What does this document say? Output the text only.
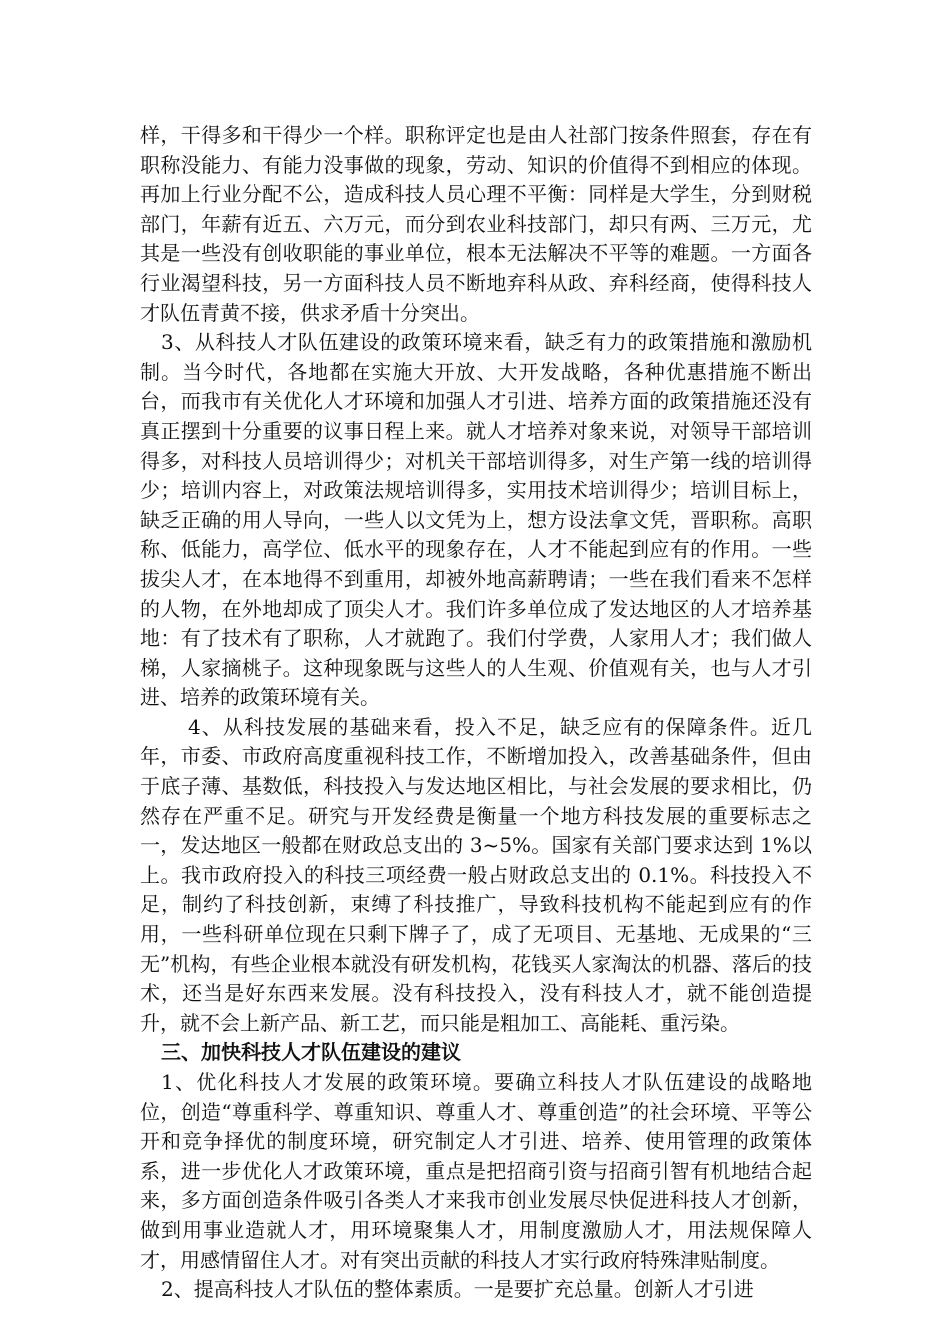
样，干得多和干得少一个样。职称评定也是由人社部门按条件照套，存在有职称没能力、有能力没事做的现象，劳动、知识的价值得不到相应的体现。再加上行业分配不公，造成科技人员心理不平衡：同样是大学生，分到财税部门，年薪有近五、六万元，而分到农业科技部门，却只有两、三万元，尤其是一些没有创收职能的事业单位，根本无法解决不平等的难题。一方面各行业渴望科技，另一方面科技人员不断地弃科从政、弃科经商，使得科技人才队伍青黄不接，供求矛盾十分突出。

3、从科技人才队伍建设的政策环境来看，缺乏有力的政策措施和激励机制。当今时代，各地都在实施大开放、大开发战略，各种优惠措施不断出台，而我市有关优化人才环境和加强人才引进、培养方面的政策措施还没有真正摆到十分重要的议事日程上来。就人才培养对象来说，对领导干部培训得多，对科技人员培训得少；对机关干部培训得多，对生产第一线的培训得少；培训内容上，对政策法规培训得多，实用技术培训得少；培训目标上，缺乏正确的用人导向，一些人以文凭为上，想方设法拿文凭，晋职称。高职称、低能力，高学位、低水平的现象存在，人才不能起到应有的作用。一些拔尖人才，在本地得不到重用，却被外地高薪聘请；一些在我们看来不怎样的人物，在外地却成了顶尖人才。我们许多单位成了发达地区的人才培养基地：有了技术有了职称，人才就跑了。我们付学费，人家用人才；我们做人梯，人家摘桃子。这种现象既与这些人的人生观、价值观有关，也与人才引进、培养的政策环境有关。

4、从科技发展的基础来看，投入不足，缺乏应有的保障条件。近几年，市委、市政府高度重视科技工作，不断增加投入，改善基础条件，但由于底子薄、基数低，科技投入与发达地区相比，与社会发展的要求相比，仍然存在严重不足。研究与开发经费是衡量一个地方科技发展的重要标志之一，发达地区一般都在财政总支出的 3~5%。国家有关部门要求达到 1%以上。我市政府投入的科技三项经费一般占财政总支出的 0.1%。科技投入不足，制约了科技创新，束缚了科技推广，导致科技机构不能起到应有的作用，一些科研单位现在只剩下牌子了，成了无项目、无基地、无成果的“三无”机构，有些企业根本就没有研发机构，花钱买人家淘汰的机器、落后的技术，还当是好东西来发展。没有科技投入，没有科技人才，就不能创造提升，就不会上新产品、新工艺，而只能是粗加工、高能耗、重污染。

三、加快科技人才队伍建设的建议

1、优化科技人才发展的政策环境。要确立科技人才队伍建设的战略地位，创造“尊重科学、尊重知识、尊重人才、尊重创造”的社会环境、平等公开和竞争择优的制度环境，研究制定人才引进、培养、使用管理的政策体系，进一步优化人才政策环境，重点是把招商引资与招商引智有机地结合起来，多方面创造条件吸引各类人才来我市创业发展尽快促进科技人才创新，做到用事业造就人才，用环境聚集人才，用制度激励人才，用法规保障人才，用感情留住人才。对有突出贡献的科技人才实行政府特殊津贴制度。

2、提高科技人才队伍的整体素质。一是要扩充总量。创新人才引进
